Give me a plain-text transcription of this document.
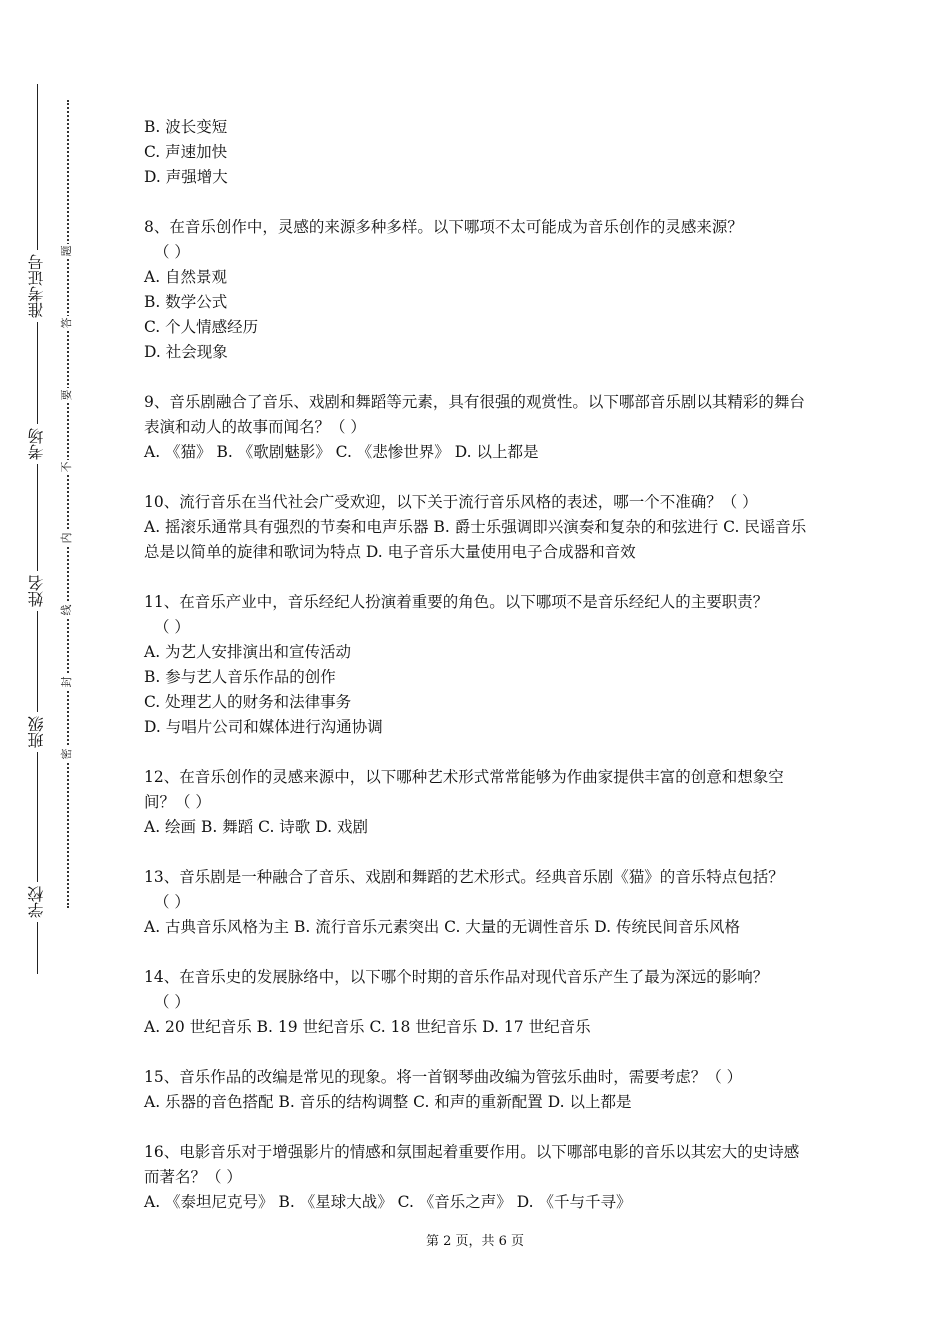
准考证号
考场
姓名
班级
学校
题
答
要
不
内
线
封
密
B. 波长变短
C. 声速加快
D. 声强增大
8、在音乐创作中，灵感的来源多种多样。以下哪项不太可能成为音乐创作的灵感来源？
（ ）
A. 自然景观
B. 数学公式
C. 个人情感经历
D. 社会现象
9、音乐剧融合了音乐、戏剧和舞蹈等元素，具有很强的观赏性。以下哪部音乐剧以其精彩的舞台表演和动人的故事而闻名？（ ）
A. 《猫》 B. 《歌剧魅影》 C. 《悲惨世界》 D. 以上都是
10、流行音乐在当代社会广受欢迎，以下关于流行音乐风格的表述，哪一个不准确？（ ）
A. 摇滚乐通常具有强烈的节奏和电声乐器 B. 爵士乐强调即兴演奏和复杂的和弦进行 C. 民谣音乐总是以简单的旋律和歌词为特点 D. 电子音乐大量使用电子合成器和音效
11、在音乐产业中，音乐经纪人扮演着重要的角色。以下哪项不是音乐经纪人的主要职责？
（ ）
A. 为艺人安排演出和宣传活动
B. 参与艺人音乐作品的创作
C. 处理艺人的财务和法律事务
D. 与唱片公司和媒体进行沟通协调
12、在音乐创作的灵感来源中，以下哪种艺术形式常常能够为作曲家提供丰富的创意和想象空间？（ ）
A. 绘画 B. 舞蹈 C. 诗歌 D. 戏剧
13、音乐剧是一种融合了音乐、戏剧和舞蹈的艺术形式。经典音乐剧《猫》的音乐特点包括？
（ ）
A. 古典音乐风格为主 B. 流行音乐元素突出 C. 大量的无调性音乐 D. 传统民间音乐风格
14、在音乐史的发展脉络中，以下哪个时期的音乐作品对现代音乐产生了最为深远的影响？
（ ）
A. 20 世纪音乐 B. 19 世纪音乐 C. 18 世纪音乐 D. 17 世纪音乐
15、音乐作品的改编是常见的现象。将一首钢琴曲改编为管弦乐曲时，需要考虑？（ ）
A. 乐器的音色搭配 B. 音乐的结构调整 C. 和声的重新配置 D. 以上都是
16、电影音乐对于增强影片的情感和氛围起着重要作用。以下哪部电影的音乐以其宏大的史诗感而著名？（ ）
A. 《泰坦尼克号》 B. 《星球大战》 C. 《音乐之声》 D. 《千与千寻》
第 2 页，共 6 页
